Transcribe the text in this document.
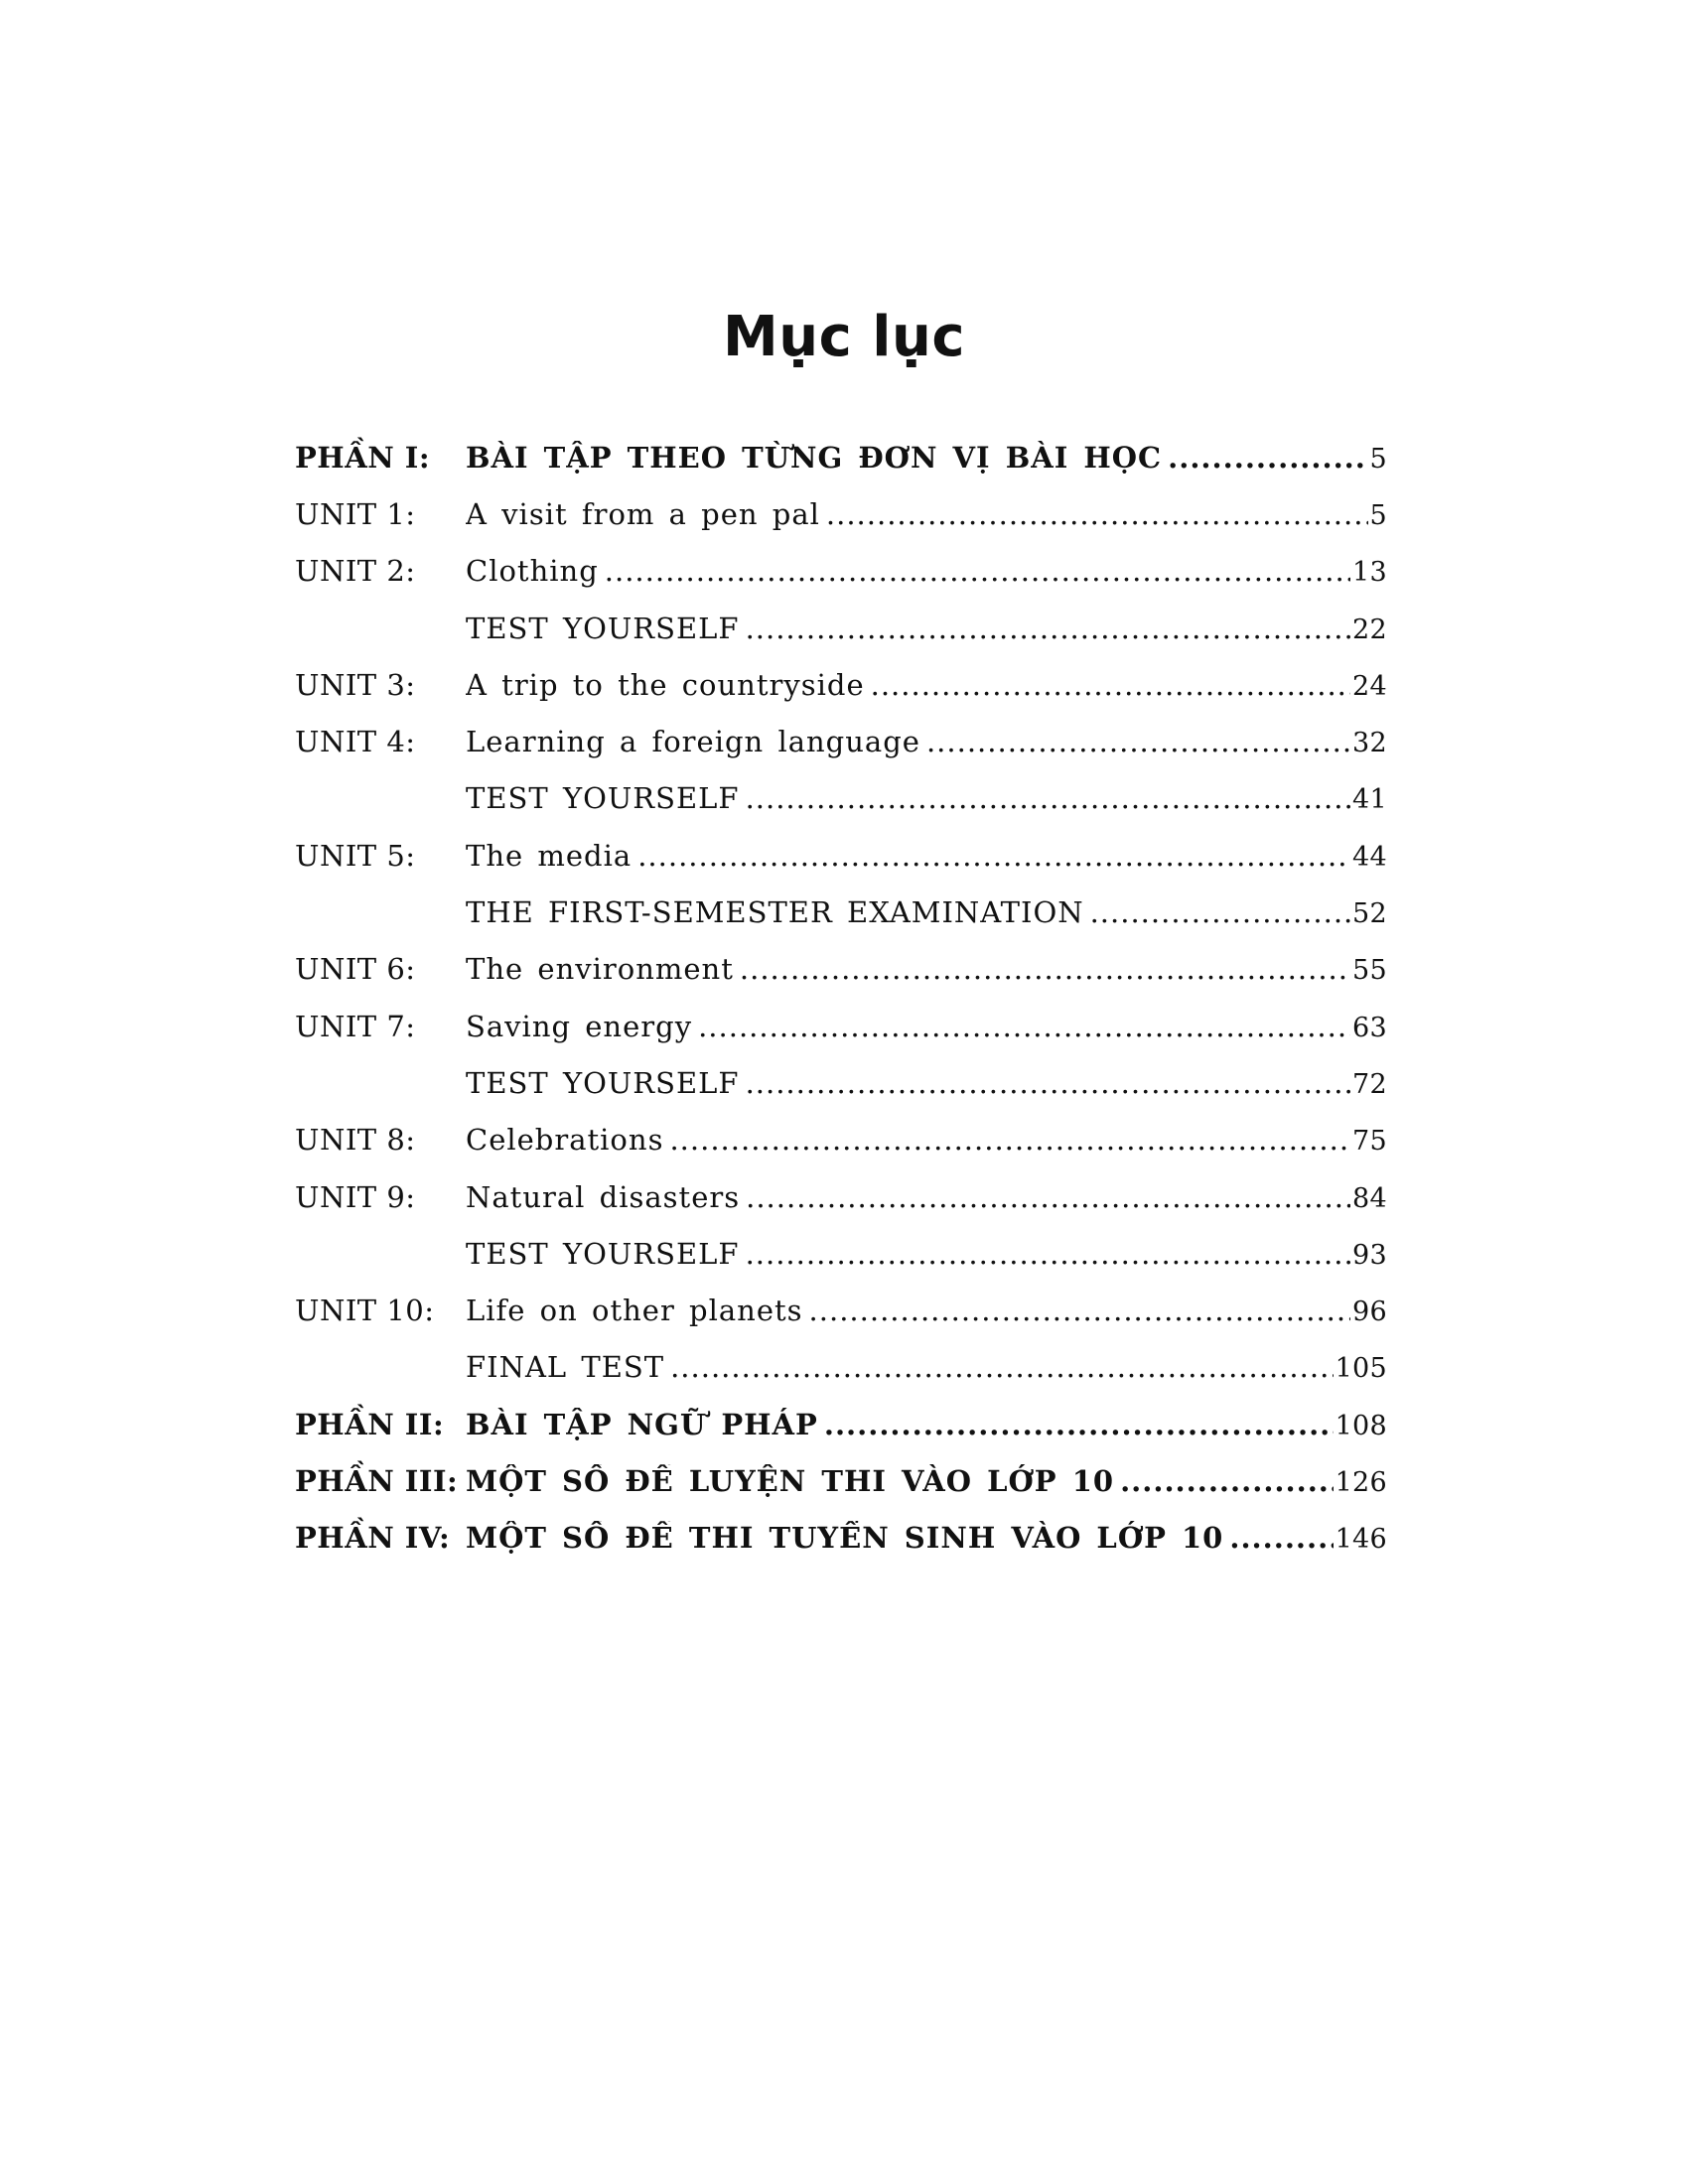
Mục lục
PHẦN I:	BÀI TẬP THEO TỪNG ĐƠN VỊ BÀI HỌC .....	5
UNIT 1:	A visit from a pen pal .....	5
UNIT 2:	Clothing .....	13
TEST YOURSELF .....	22
UNIT 3:	A trip to the countryside .....	24
UNIT 4:	Learning a foreign language .....	32
TEST YOURSELF .....	41
UNIT 5:	The media .....	44
THE FIRST-SEMESTER EXAMINATION .....	52
UNIT 6:	The environment .....	55
UNIT 7:	Saving energy .....	63
TEST YOURSELF .....	72
UNIT 8:	Celebrations .....	75
UNIT 9:	Natural disasters .....	84
TEST YOURSELF .....	93
UNIT 10:	Life on other planets .....	96
FINAL TEST .....	105
PHẦN II: BÀI TẬP NGỮ PHÁP .....	108
PHẦN III: MỘT SỐ ĐỀ LUYỆN THI VÀO LỚP 10 .....	126
PHẦN IV: MỘT SỐ ĐỀ THI TUYỂN SINH VÀO LỚP 10 .....	146
